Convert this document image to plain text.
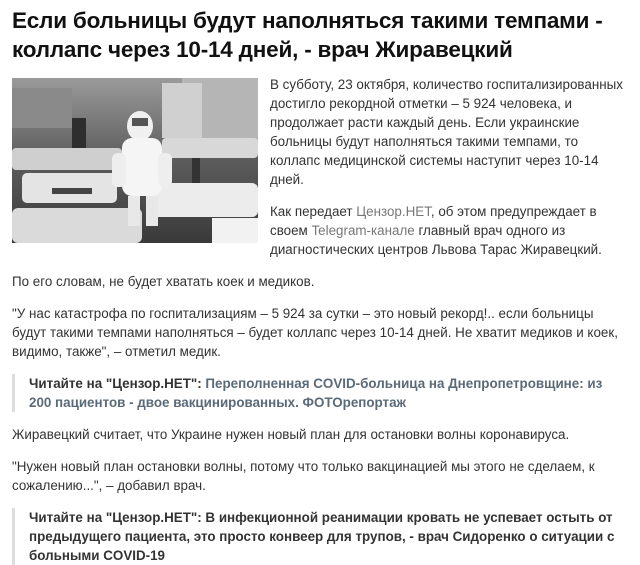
Если больницы будут наполняться такими темпами - коллапс через 10-14 дней, - врач Жиравецкий

В субботу, 23 октября, количество госпитализированных достигло рекордной отметки – 5 924 человека, и продолжает расти каждый день. Если украинские больницы будут наполняться такими темпами, то коллапс медицинской системы наступит через 10-14 дней.

Как передает Цензор.НЕТ, об этом предупреждает в своем Telegram-канале главный врач одного из диагностических центров Львова Тарас Жиравецкий.

По его словам, не будет хватать коек и медиков.

"У нас катастрофа по госпитализациям – 5 924 за сутки – это новый рекорд!.. если больницы будут такими темпами наполняться – будет коллапс через 10-14 дней. Не хватит медиков и коек, видимо, также", – отметил медик.

Читайте на "Цензор.НЕТ": Переполненная COVID-больница на Днепропетровщине: из 200 пациентов - двое вакцинированных. ФОТОрепортаж

Жиравецкий считает, что Украине нужен новый план для остановки волны коронавируса.

"Нужен новый план остановки волны, потому что только вакцинацией мы этого не сделаем, к сожалению...", – добавил врач.

Читайте на "Цензор.НЕТ": В инфекционной реанимации кровать не успевает остыть от предыдущего пациента, это просто конвеер для трупов, - врач Сидоренко о ситуации с больными COVID-19
